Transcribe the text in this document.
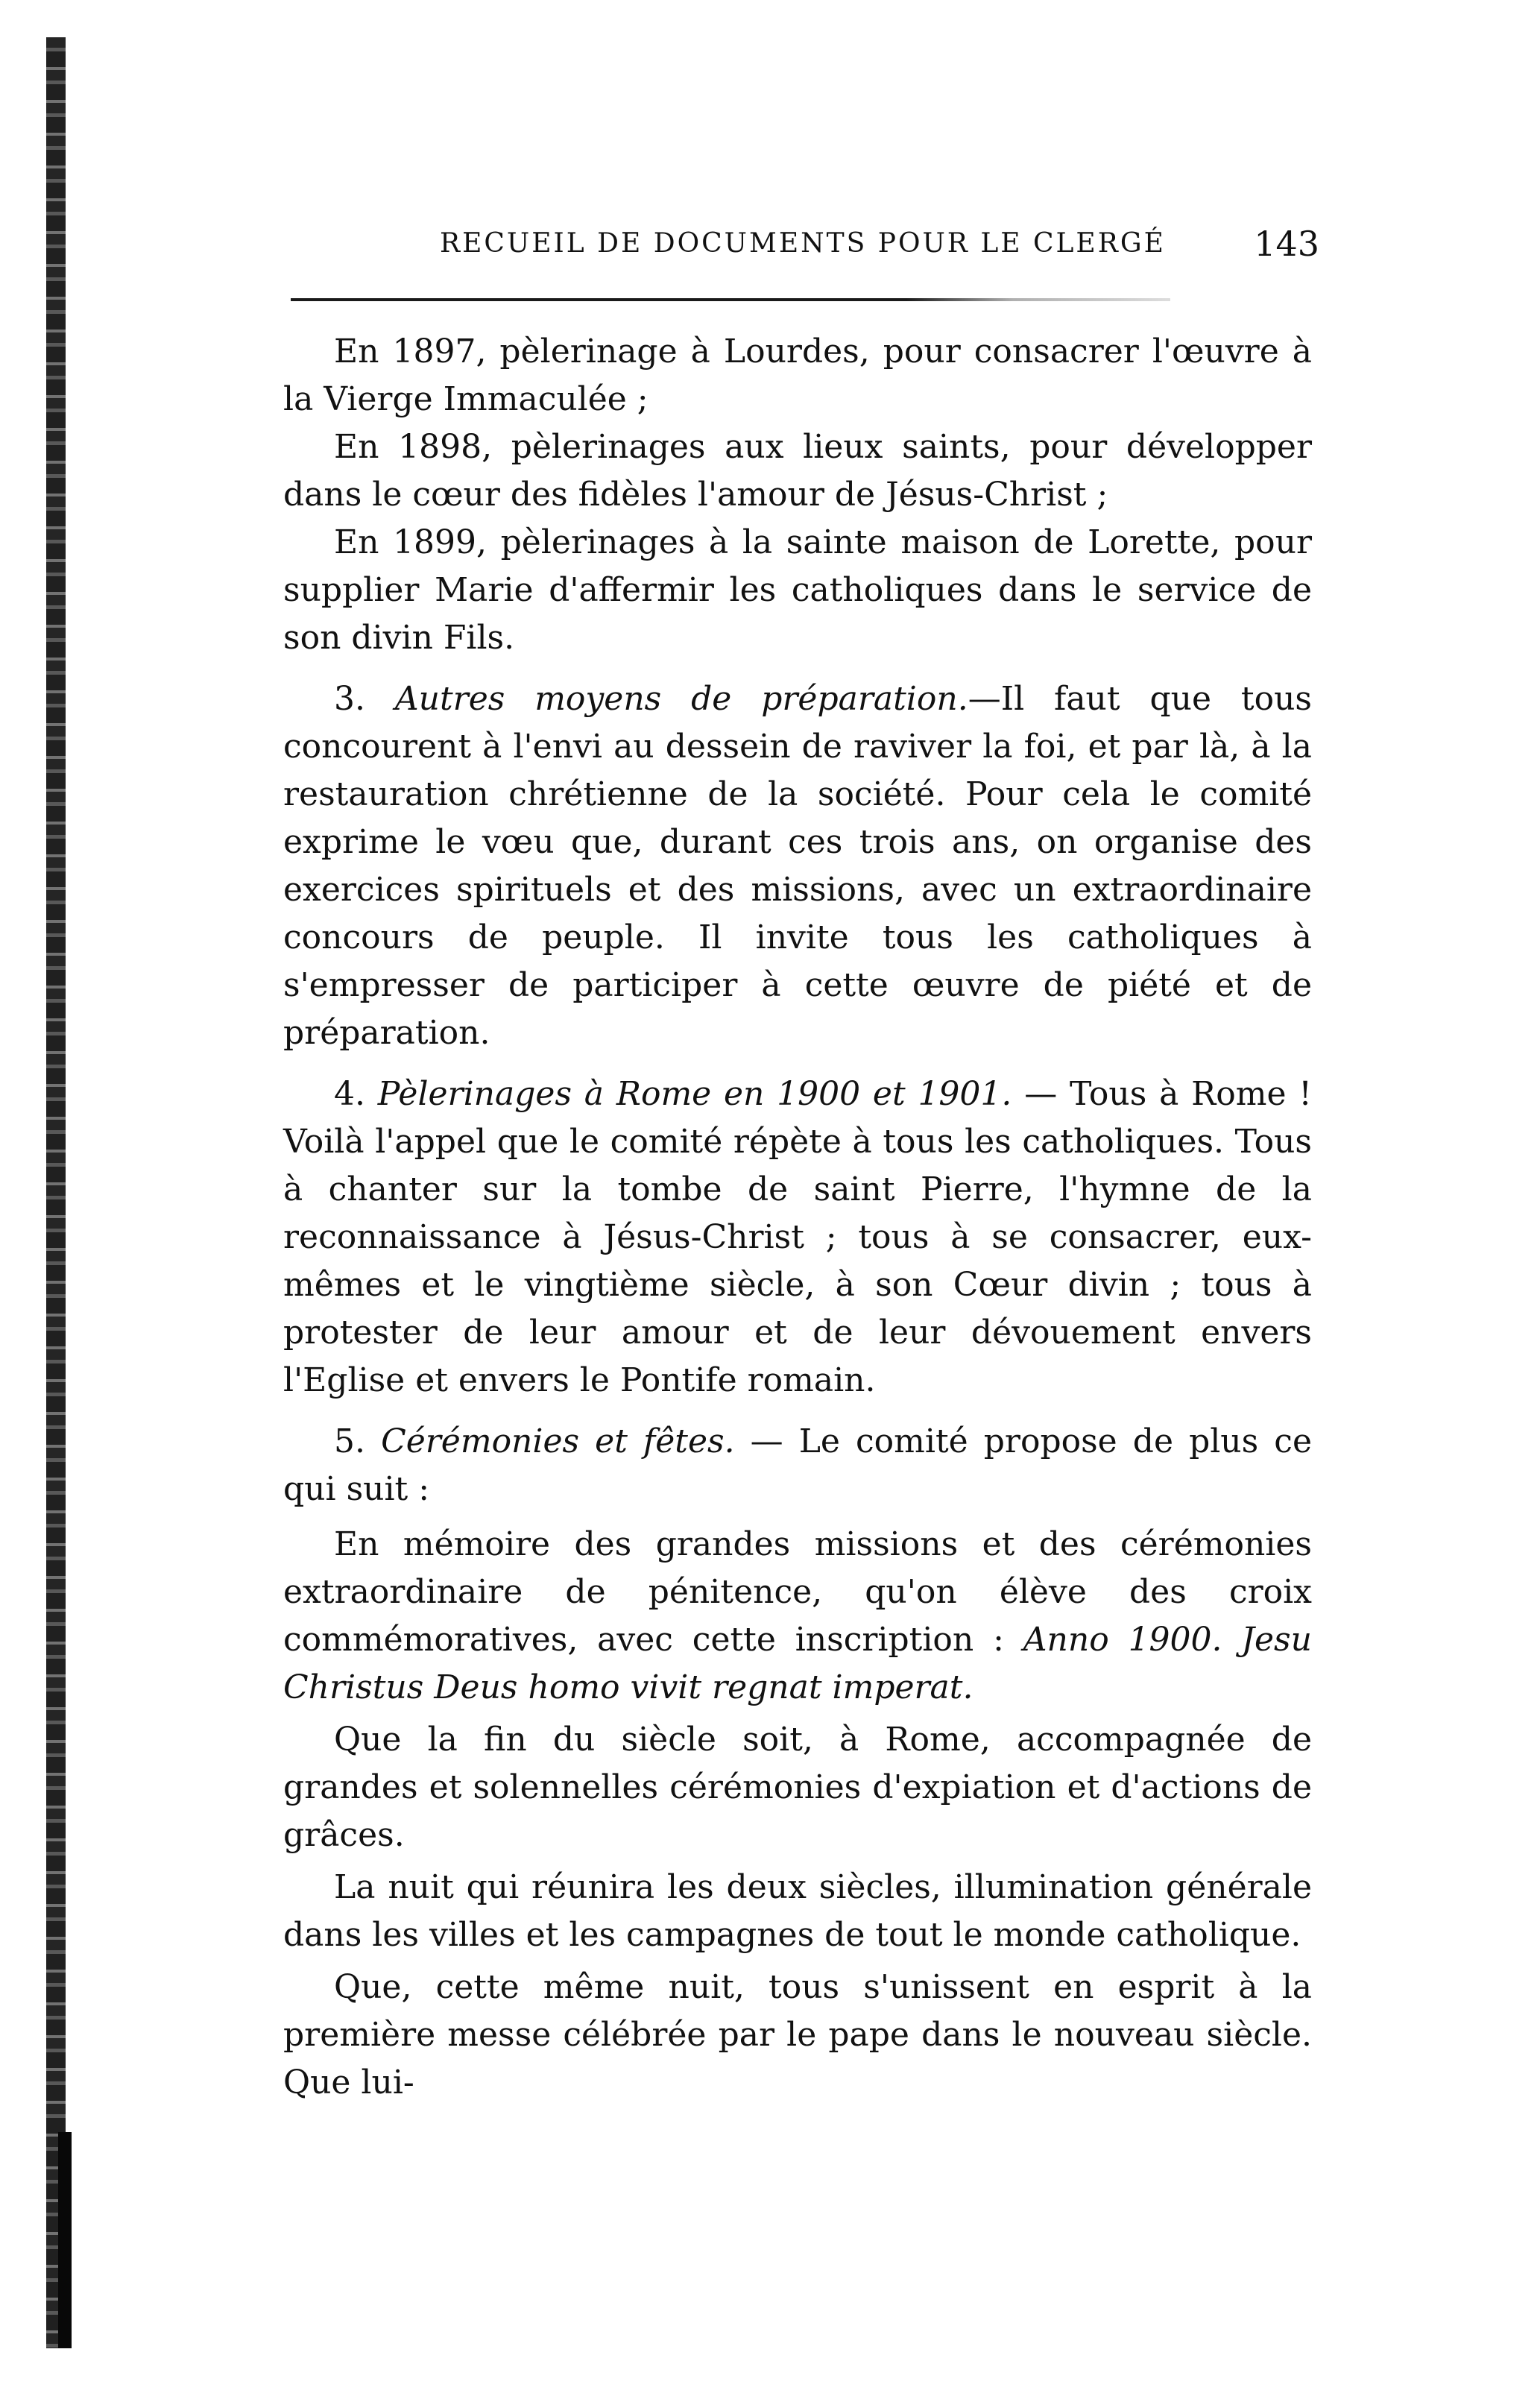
RECUEIL DE DOCUMENTS POUR LE CLERGÉ	143

En 1897, pèlerinage à Lourdes, pour consacrer l'œuvre à la Vierge Immaculée ;

En 1898, pèlerinages aux lieux saints, pour développer dans le cœur des fidèles l'amour de Jésus-Christ ;

En 1899, pèlerinages à la sainte maison de Lorette, pour supplier Marie d'affermir les catholiques dans le service de son divin Fils.

3. Autres moyens de préparation.—Il faut que tous concourent à l'envi au dessein de raviver la foi, et par là, à la restauration chrétienne de la société. Pour cela le comité exprime le vœu que, durant ces trois ans, on organise des exercices spirituels et des missions, avec un extraordinaire concours de peuple. Il invite tous les catholiques à s'empresser de participer à cette œuvre de piété et de préparation.

4. Pèlerinages à Rome en 1900 et 1901. — Tous à Rome ! Voilà l'appel que le comité répète à tous les catholiques. Tous à chanter sur la tombe de saint Pierre, l'hymne de la reconnaissance à Jésus-Christ ; tous à se consacrer, eux-mêmes et le vingtième siècle, à son Cœur divin ; tous à protester de leur amour et de leur dévouement envers l'Eglise et envers le Pontife romain.

5. Cérémonies et fêtes. — Le comité propose de plus ce qui suit :

En mémoire des grandes missions et des cérémonies extraordinaire de pénitence, qu'on élève des croix commémoratives, avec cette inscription : Anno 1900. Jesu Christus Deus homo vivit regnat imperat.

Que la fin du siècle soit, à Rome, accompagnée de grandes et solennelles cérémonies d'expiation et d'actions de grâces.

La nuit qui réunira les deux siècles, illumination générale dans les villes et les campagnes de tout le monde catholique.

Que, cette même nuit, tous s'unissent en esprit à la première messe célébrée par le pape dans le nouveau siècle. Que lui-
